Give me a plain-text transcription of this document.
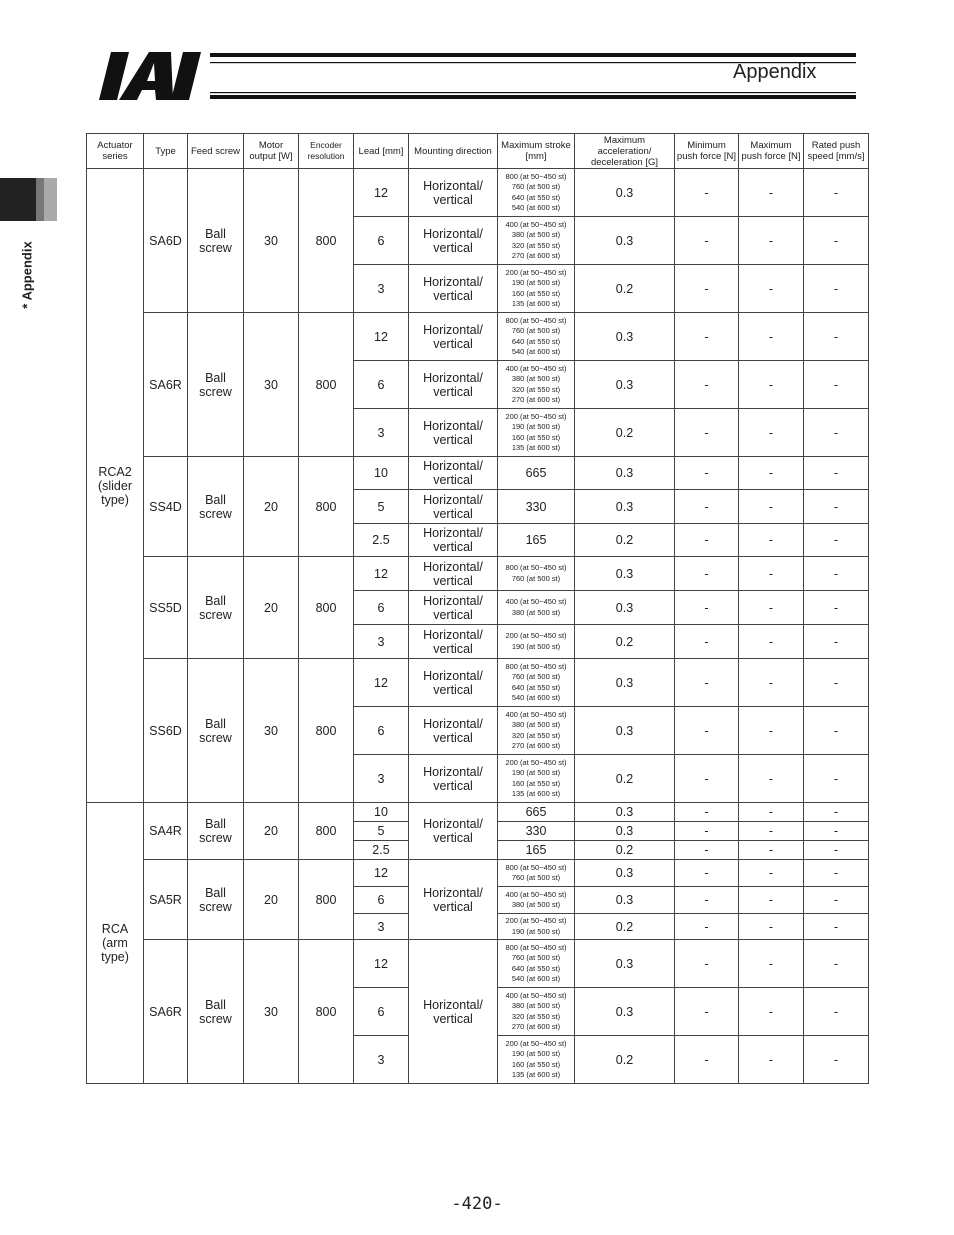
Appendix
* Appendix
Actuator series	Type	Feed screw	Motor output [W]	Encoder resolution	Lead [mm]	Mounting direction	Maximum stroke [mm]	Maximum acceleration/ deceleration [G]	Minimum push force [N]	Maximum push force [N]	Rated push speed [mm/s]
RCA2 (slider type)	SA6D	Ball screw	30	800	12	Horizontal/ vertical	800 (at 50~450 st)
760 (at 500 st)
640 (at 550 st)
540 (at 600 st)	0.3	-	-	-
					6	Horizontal/ vertical	400 (at 50~450 st)
380 (at 500 st)
320 (at 550 st)
270 (at 600 st)	0.3	-	-	-
					3	Horizontal/ vertical	200 (at 50~450 st)
190 (at 500 st)
160 (at 550 st)
135 (at 600 st)	0.2	-	-	-
	SA6R	Ball screw	30	800	12	Horizontal/ vertical	800 (at 50~450 st)
760 (at 500 st)
640 (at 550 st)
540 (at 600 st)	0.3	-	-	-
					6	Horizontal/ vertical	400 (at 50~450 st)
380 (at 500 st)
320 (at 550 st)
270 (at 600 st)	0.3	-	-	-
					3	Horizontal/ vertical	200 (at 50~450 st)
190 (at 500 st)
160 (at 550 st)
135 (at 600 st)	0.2	-	-	-
	SS4D	Ball screw	20	800	10	Horizontal/ vertical	665	0.3	-	-	-
					5	Horizontal/ vertical	330	0.3	-	-	-
					2.5	Horizontal/ vertical	165	0.2	-	-	-
	SS5D	Ball screw	20	800	12	Horizontal/ vertical	800 (at 50~450 st)
760 (at 500 st)	0.3	-	-	-
					6	Horizontal/ vertical	400 (at 50~450 st)
380 (at 500 st)	0.3	-	-	-
					3	Horizontal/ vertical	200 (at 50~450 st)
190 (at 500 st)	0.2	-	-	-
	SS6D	Ball screw	30	800	12	Horizontal/ vertical	800 (at 50~450 st)
760 (at 500 st)
640 (at 550 st)
540 (at 600 st)	0.3	-	-	-
					6	Horizontal/ vertical	400 (at 50~450 st)
380 (at 500 st)
320 (at 550 st)
270 (at 600 st)	0.3	-	-	-
					3	Horizontal/ vertical	200 (at 50~450 st)
190 (at 500 st)
160 (at 550 st)
135 (at 600 st)	0.2	-	-	-
RCA (arm type)	SA4R	Ball screw	20	800	10	Horizontal/ vertical	665	0.3	-	-	-
					5		330	0.3	-	-	-
					2.5		165	0.2	-	-	-
	SA5R	Ball screw	20	800	12	Horizontal/ vertical	800 (at 50~450 st)
760 (at 500 st)	0.3	-	-	-
					6		400 (at 50~450 st)
380 (at 500 st)	0.3	-	-	-
					3		200 (at 50~450 st)
190 (at 500 st)	0.2	-	-	-
	SA6R	Ball screw	30	800	12	Horizontal/ vertical	800 (at 50~450 st)
760 (at 500 st)
640 (at 550 st)
540 (at 600 st)	0.3	-	-	-
					6		400 (at 50~450 st)
380 (at 500 st)
320 (at 550 st)
270 (at 600 st)	0.3	-	-	-
					3		200 (at 50~450 st)
190 (at 500 st)
160 (at 550 st)
135 (at 600 st)	0.2	-	-	-
-420-
